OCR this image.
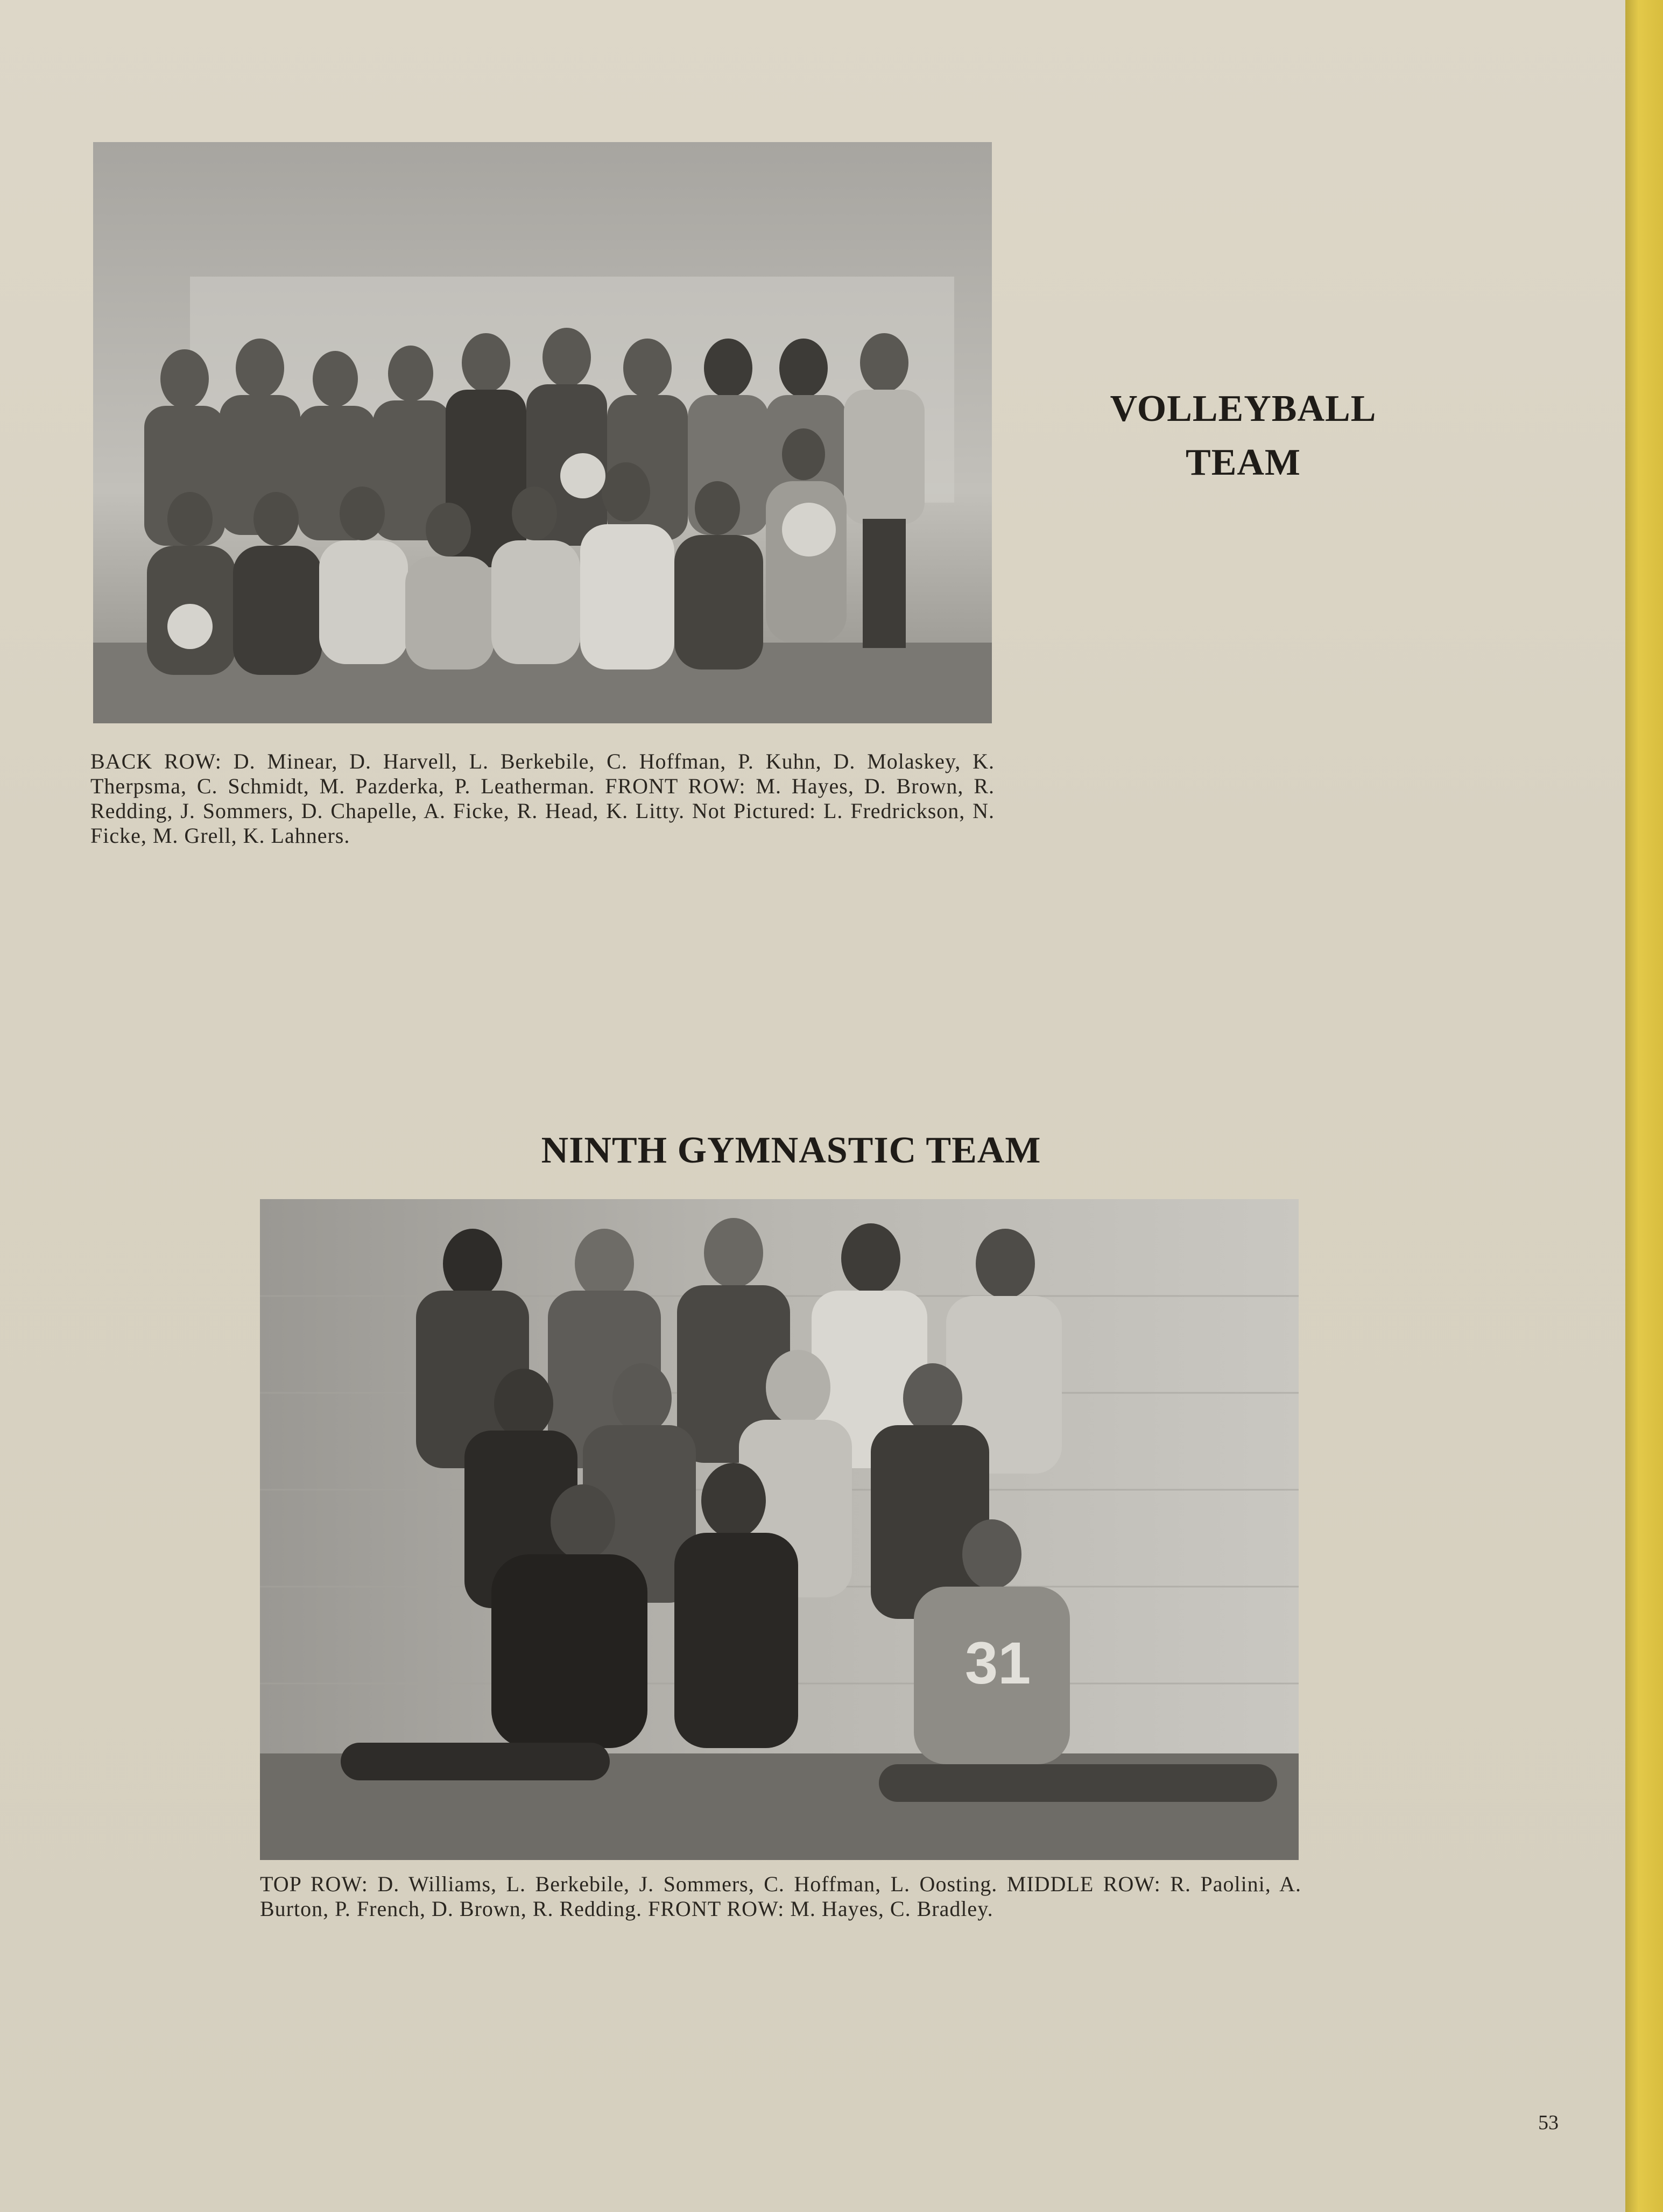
VOLLEYBALL
TEAM
BACK ROW: D. Minear, D. Harvell, L. Berkebile, C. Hoffman, P. Kuhn, D. Molaskey, K. Therpsma, C. Schmidt, M. Pazderka, P. Leatherman. FRONT ROW: M. Hayes, D. Brown, R. Redding, J. Sommers, D. Chapelle, A. Ficke, R. Head, K. Litty. Not Pictured: L. Fredrickson, N. Ficke, M. Grell, K. Lahners.
NINTH GYMNASTIC TEAM
31
TOP ROW: D. Williams, L. Berkebile, J. Sommers, C. Hoffman, L. Oosting. MIDDLE ROW: R. Paolini, A. Burton, P. French, D. Brown, R. Redding. FRONT ROW: M. Hayes, C. Bradley.
53
